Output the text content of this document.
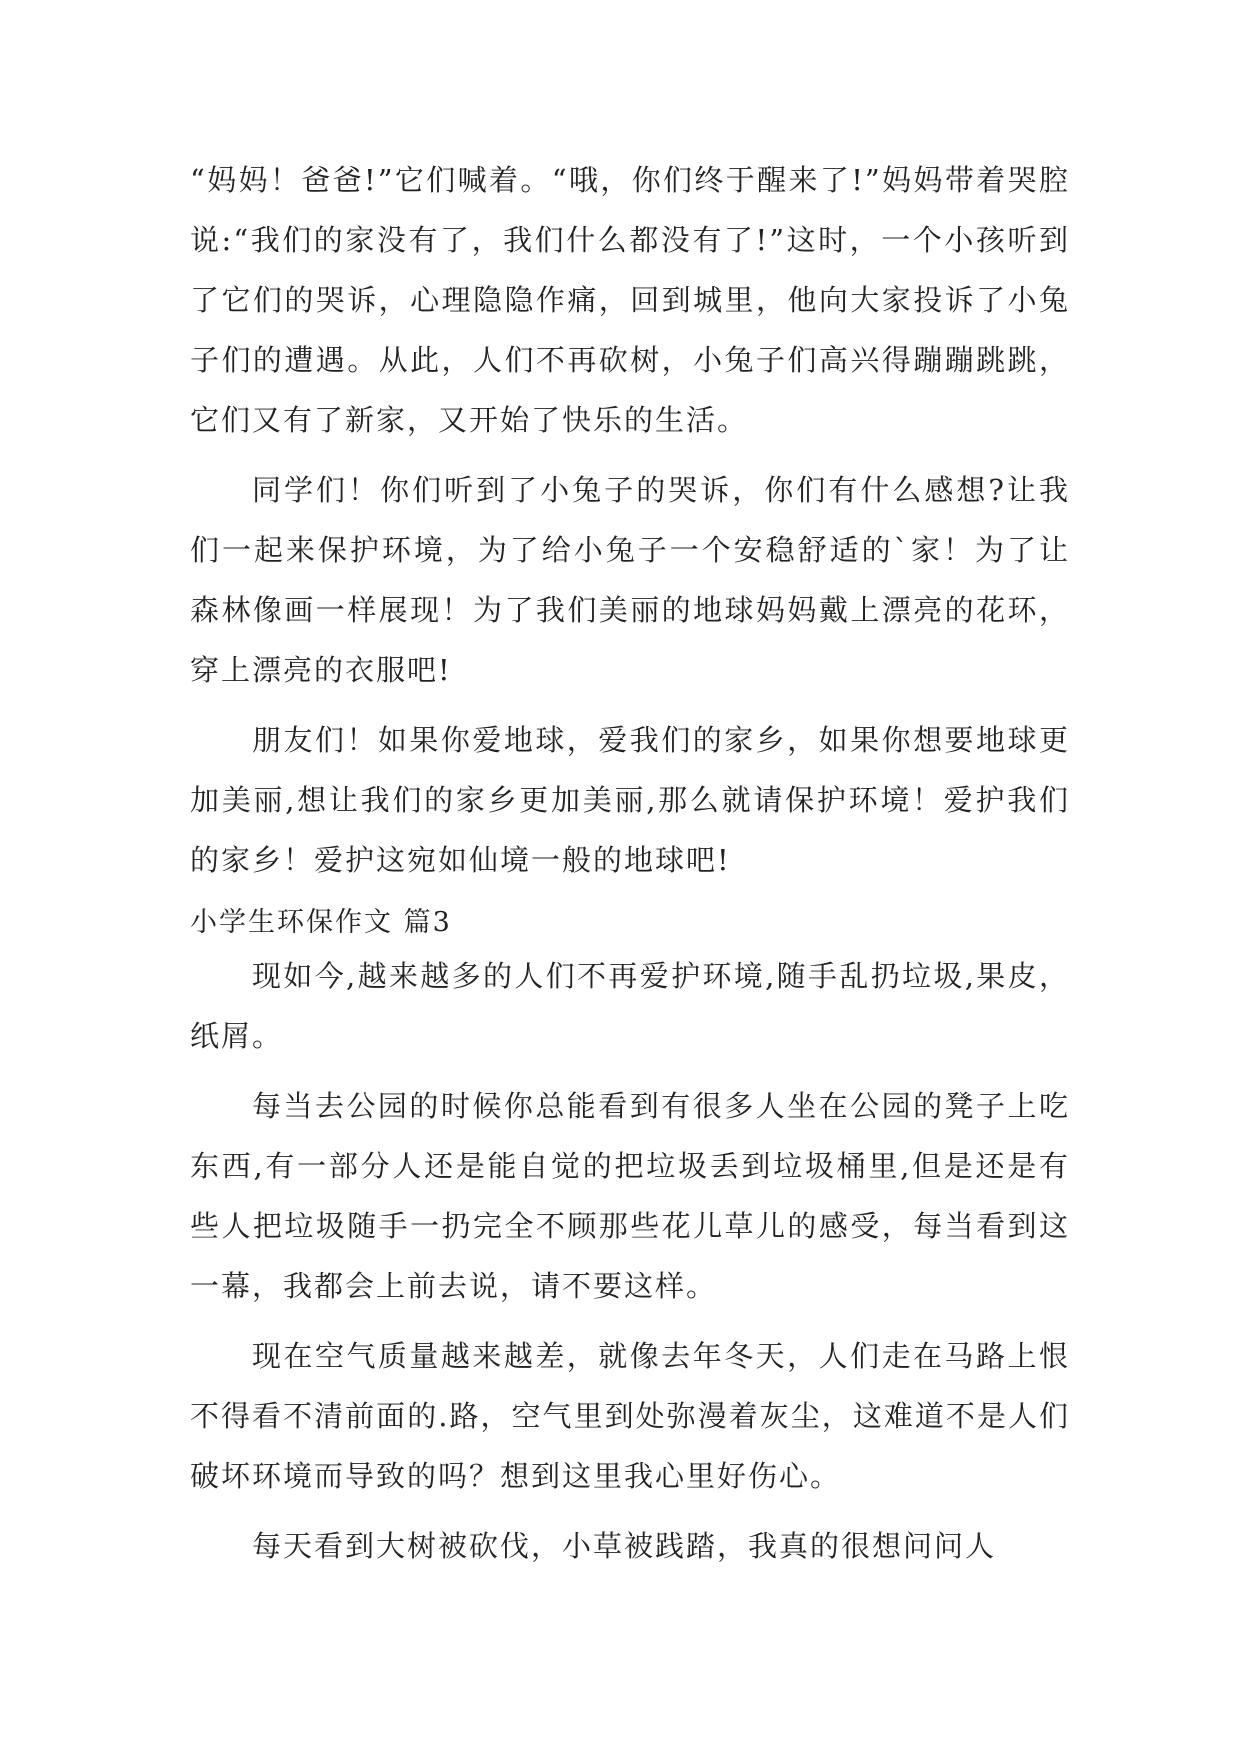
“妈妈！爸爸!”它们喊着。“哦，你们终于醒来了!”妈妈带着哭腔说:“我们的家没有了，我们什么都没有了!”这时，一个小孩听到了它们的哭诉，心理隐隐作痛，回到城里，他向大家投诉了小兔子们的遭遇。从此，人们不再砍树，小兔子们高兴得蹦蹦跳跳，它们又有了新家，又开始了快乐的生活。

同学们！你们听到了小兔子的哭诉，你们有什么感想?让我们一起来保护环境，为了给小兔子一个安稳舒适的`家！为了让森林像画一样展现！为了我们美丽的地球妈妈戴上漂亮的花环，穿上漂亮的衣服吧!

朋友们！如果你爱地球，爱我们的家乡，如果你想要地球更加美丽,想让我们的家乡更加美丽,那么就请保护环境！爱护我们的家乡！爱护这宛如仙境一般的地球吧!

小学生环保作文 篇3

现如今,越来越多的人们不再爱护环境,随手乱扔垃圾,果皮，纸屑。

每当去公园的时候你总能看到有很多人坐在公园的凳子上吃东西,有一部分人还是能自觉的把垃圾丢到垃圾桶里,但是还是有些人把垃圾随手一扔完全不顾那些花儿草儿的感受，每当看到这一幕，我都会上前去说，请不要这样。

现在空气质量越来越差，就像去年冬天，人们走在马路上恨不得看不清前面的.路，空气里到处弥漫着灰尘，这难道不是人们破坏环境而导致的吗？想到这里我心里好伤心。

每天看到大树被砍伐，小草被践踏，我真的很想问问人
